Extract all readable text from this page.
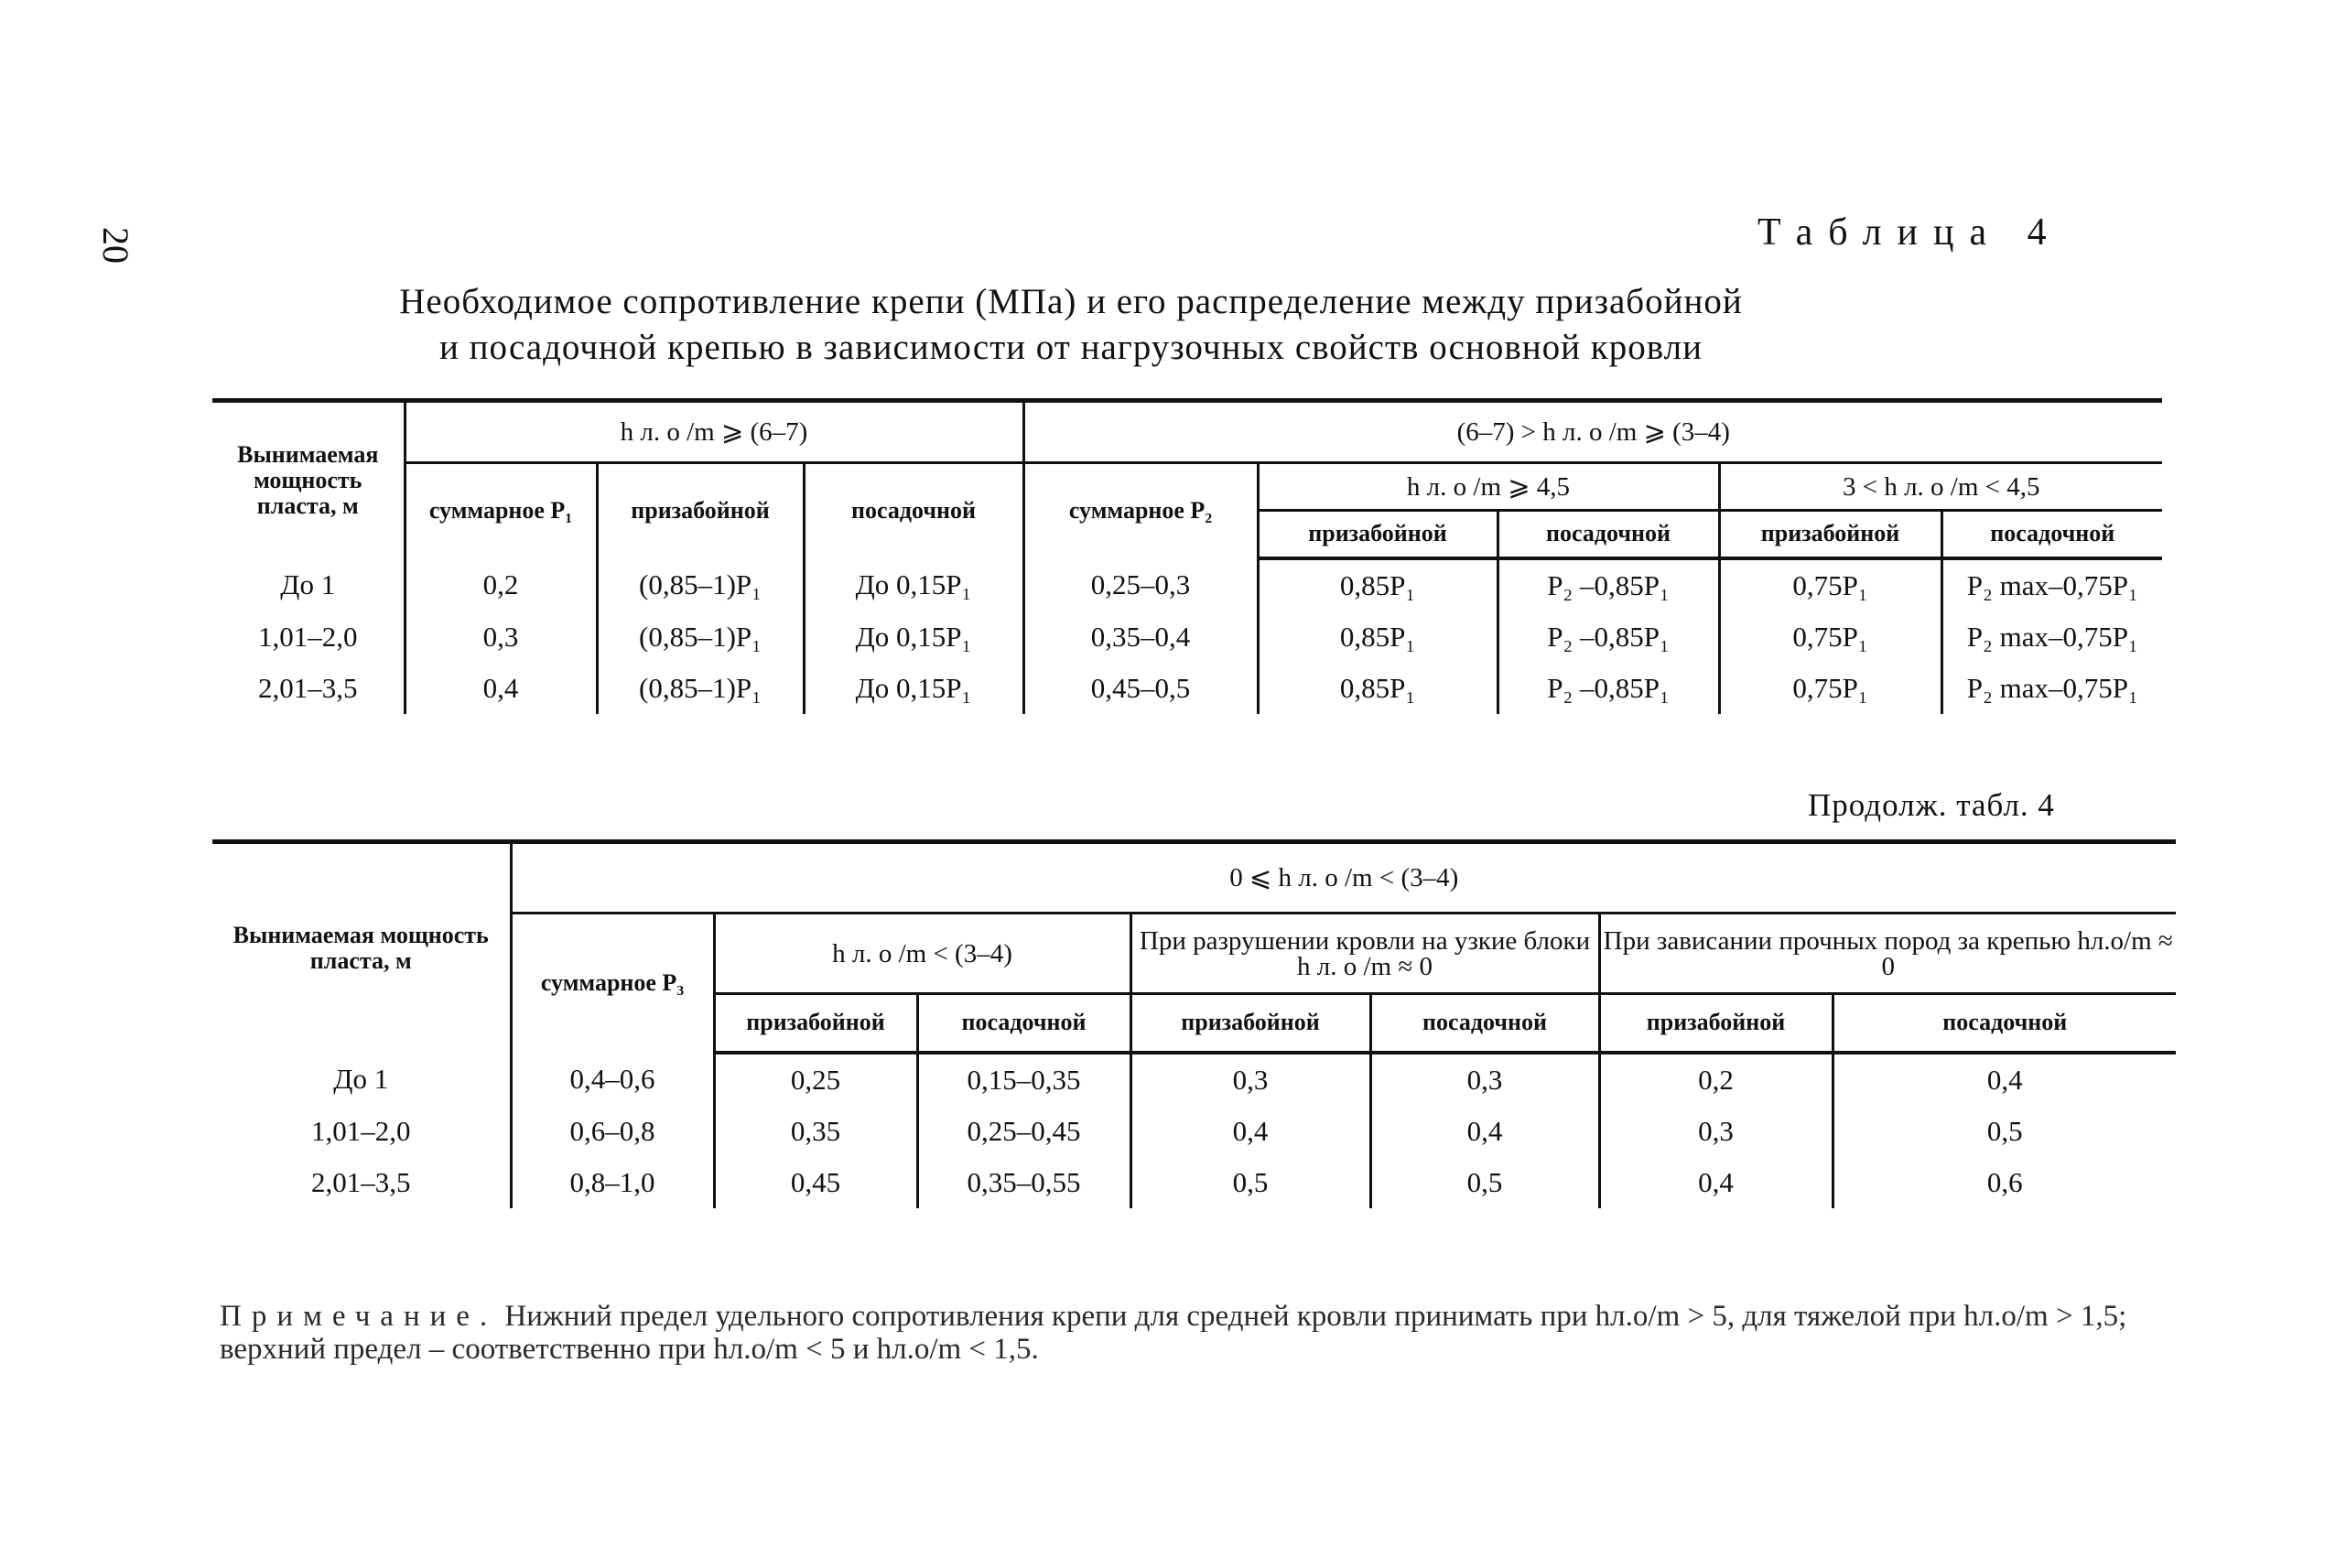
20	Таблица 4
Необходимое сопротивление крепи (МПа) и его распределение между призабойной
и посадочной крепью в зависимости от нагрузочных свойств основной кровли
Вынимаемая мощность пласта, м	h л. о /m ⩾ (6–7)			(6–7) > h л. о /m ⩾ (3–4)				
	суммарное P₁	призабойной	посадочной	суммарное P₂	h л. о /m ⩾ 4,5		3 < h л. о /m < 4,5	
					призабойной	посадочной	призабойной	посадочной
До 1	0,2	(0,85–1)P₁	До 0,15P₁	0,25–0,3	0,85P₁	P₂ –0,85P₁	0,75P₁	P₂ max–0,75P₁
1,01–2,0	0,3	(0,85–1)P₁	До 0,15P₁	0,35–0,4	0,85P₁	P₂ –0,85P₁	0,75P₁	P₂ max–0,75P₁
2,01–3,5	0,4	(0,85–1)P₁	До 0,15P₁	0,45–0,5	0,85P₁	P₂ –0,85P₁	0,75P₁	P₂ max–0,75P₁
Продолж. табл. 4
Вынимаемая мощность пласта, м	0 ⩽ h л. о /m < (3–4)						
	суммарное P₃	h л. о /m < (3–4)		При разрушении кровли на узкие блоки h л. о /m ≈ 0		При зависании прочных пород за крепью hл.о/m ≈ 0	
		призабойной	посадочной	призабойной	посадочной	призабойной	посадочной
До 1	0,4–0,6	0,25	0,15–0,35	0,3	0,3	0,2	0,4
1,01–2,0	0,6–0,8	0,35	0,25–0,45	0,4	0,4	0,3	0,5
2,01–3,5	0,8–1,0	0,45	0,35–0,55	0,5	0,5	0,4	0,6
Примечание. Нижний предел удельного сопротивления крепи для средней кровли принимать при hл.о/m > 5, для тяжелой при hл.о/m > 1,5; верхний предел – соответственно при hл.о/m < 5 и hл.о/m < 1,5.
